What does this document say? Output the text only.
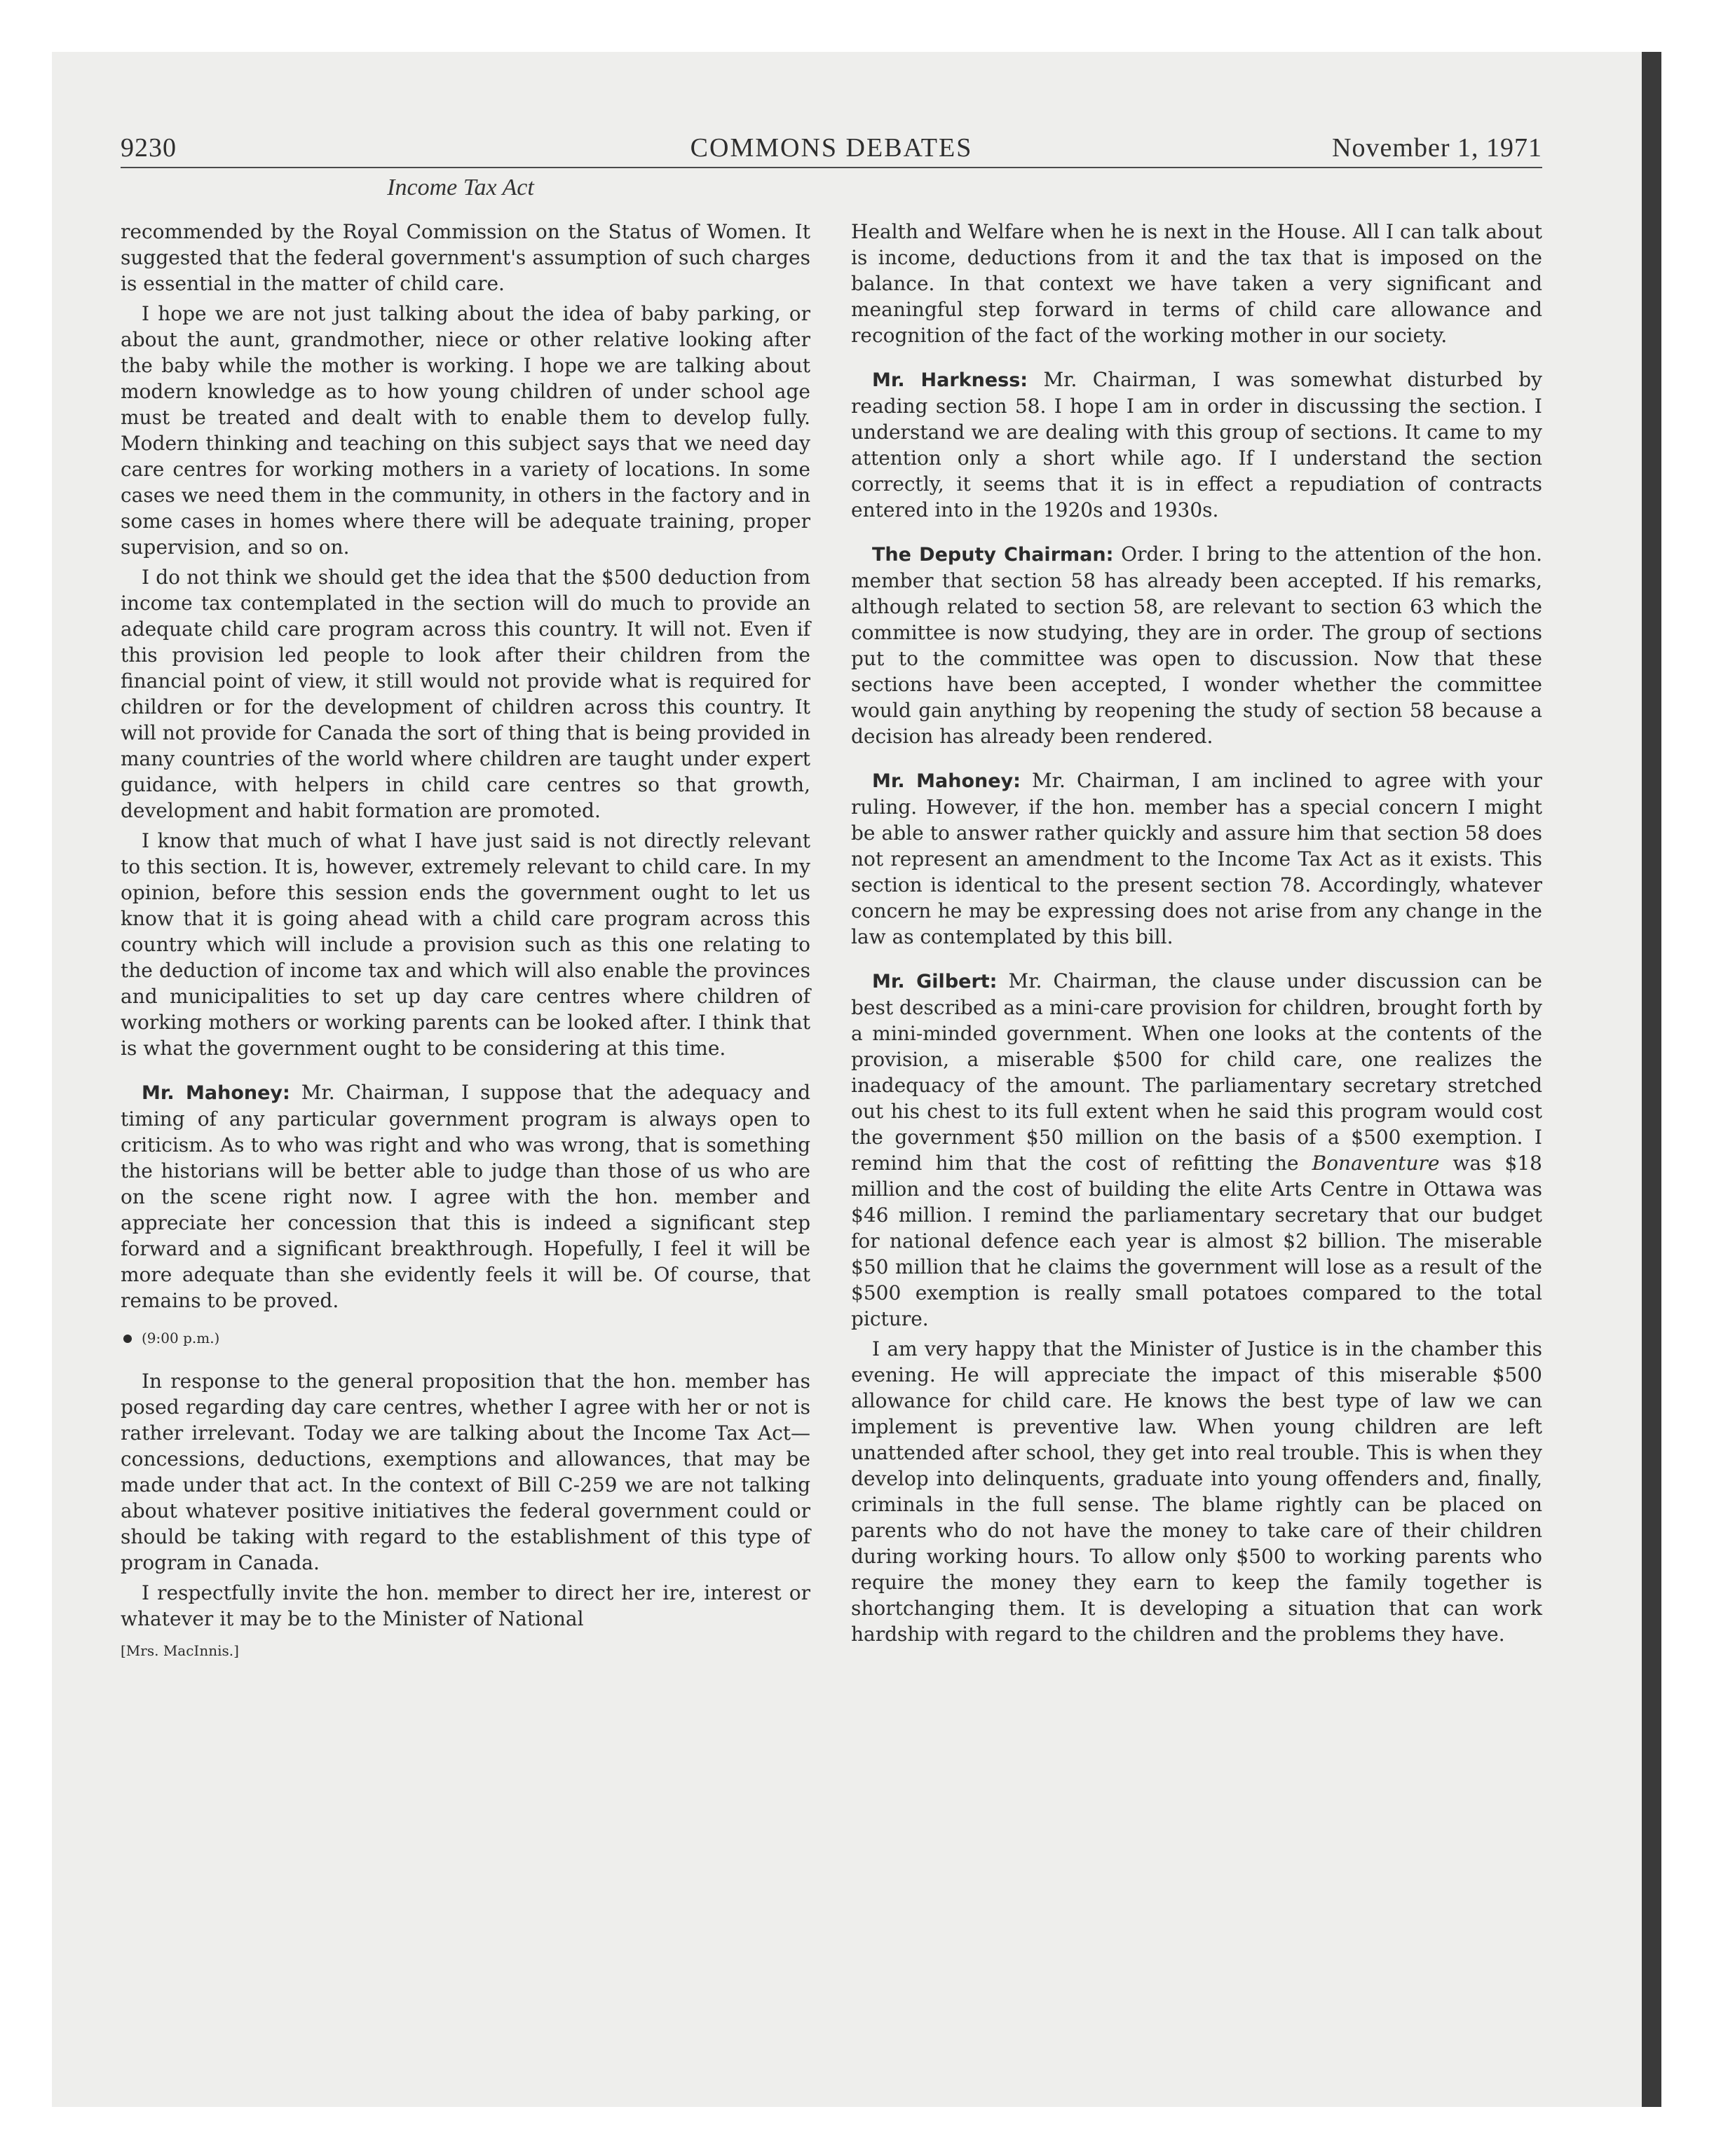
9230	COMMONS DEBATES	November 1, 1971
Income Tax Act

recommended by the Royal Commission on the Status of Women. It suggested that the federal government's assumption of such charges is essential in the matter of child care.

I hope we are not just talking about the idea of baby parking, or about the aunt, grandmother, niece or other relative looking after the baby while the mother is working. I hope we are talking about modern knowledge as to how young children of under school age must be treated and dealt with to enable them to develop fully. Modern thinking and teaching on this subject says that we need day care centres for working mothers in a variety of locations. In some cases we need them in the community, in others in the factory and in some cases in homes where there will be adequate training, proper supervision, and so on.

I do not think we should get the idea that the $500 deduction from income tax contemplated in the section will do much to provide an adequate child care program across this country. It will not. Even if this provision led people to look after their children from the financial point of view, it still would not provide what is required for children or for the development of children across this country. It will not provide for Canada the sort of thing that is being provided in many countries of the world where children are taught under expert guidance, with helpers in child care centres so that growth, development and habit formation are promoted.

I know that much of what I have just said is not directly relevant to this section. It is, however, extremely relevant to child care. In my opinion, before this session ends the government ought to let us know that it is going ahead with a child care program across this country which will include a provision such as this one relating to the deduction of income tax and which will also enable the provinces and municipalities to set up day care centres where children of working mothers or working parents can be looked after. I think that is what the government ought to be considering at this time.

Mr. Mahoney: Mr. Chairman, I suppose that the adequacy and timing of any particular government program is always open to criticism. As to who was right and who was wrong, that is something the historians will be better able to judge than those of us who are on the scene right now. I agree with the hon. member and appreciate her concession that this is indeed a significant step forward and a significant breakthrough. Hopefully, I feel it will be more adequate than she evidently feels it will be. Of course, that remains to be proved.

(9:00 p.m.)

In response to the general proposition that the hon. member has posed regarding day care centres, whether I agree with her or not is rather irrelevant. Today we are talking about the Income Tax Act—concessions, deductions, exemptions and allowances, that may be made under that act. In the context of Bill C-259 we are not talking about whatever positive initiatives the federal government could or should be taking with regard to the establishment of this type of program in Canada.

I respectfully invite the hon. member to direct her ire, interest or whatever it may be to the Minister of National

[Mrs. MacInnis.]

Health and Welfare when he is next in the House. All I can talk about is income, deductions from it and the tax that is imposed on the balance. In that context we have taken a very significant and meaningful step forward in terms of child care allowance and recognition of the fact of the working mother in our society.

Mr. Harkness: Mr. Chairman, I was somewhat disturbed by reading section 58. I hope I am in order in discussing the section. I understand we are dealing with this group of sections. It came to my attention only a short while ago. If I understand the section correctly, it seems that it is in effect a repudiation of contracts entered into in the 1920s and 1930s.

The Deputy Chairman: Order. I bring to the attention of the hon. member that section 58 has already been accepted. If his remarks, although related to section 58, are relevant to section 63 which the committee is now studying, they are in order. The group of sections put to the committee was open to discussion. Now that these sections have been accepted, I wonder whether the committee would gain anything by reopening the study of section 58 because a decision has already been rendered.

Mr. Mahoney: Mr. Chairman, I am inclined to agree with your ruling. However, if the hon. member has a special concern I might be able to answer rather quickly and assure him that section 58 does not represent an amendment to the Income Tax Act as it exists. This section is identical to the present section 78. Accordingly, whatever concern he may be expressing does not arise from any change in the law as contemplated by this bill.

Mr. Gilbert: Mr. Chairman, the clause under discussion can be best described as a mini-care provision for children, brought forth by a mini-minded government. When one looks at the contents of the provision, a miserable $500 for child care, one realizes the inadequacy of the amount. The parliamentary secretary stretched out his chest to its full extent when he said this program would cost the government $50 million on the basis of a $500 exemption. I remind him that the cost of refitting the Bonaventure was $18 million and the cost of building the elite Arts Centre in Ottawa was $46 million. I remind the parliamentary secretary that our budget for national defence each year is almost $2 billion. The miserable $50 million that he claims the government will lose as a result of the $500 exemption is really small potatoes compared to the total picture.

I am very happy that the Minister of Justice is in the chamber this evening. He will appreciate the impact of this miserable $500 allowance for child care. He knows the best type of law we can implement is preventive law. When young children are left unattended after school, they get into real trouble. This is when they develop into delinquents, graduate into young offenders and, finally, criminals in the full sense. The blame rightly can be placed on parents who do not have the money to take care of their children during working hours. To allow only $500 to working parents who require the money they earn to keep the family together is shortchanging them. It is developing a situation that can work hardship with regard to the children and the problems they have.
